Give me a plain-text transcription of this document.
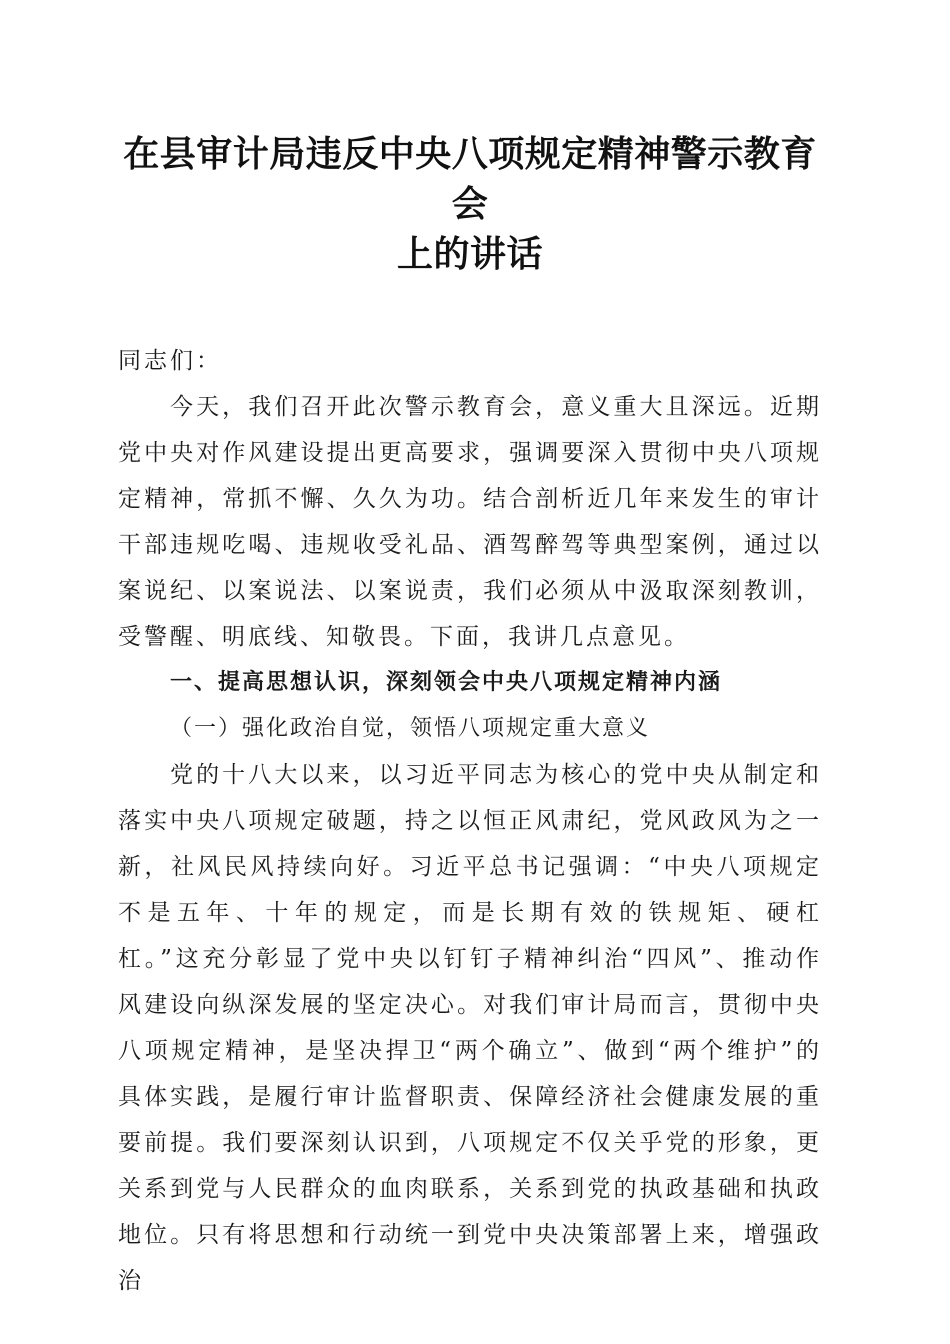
在县审计局违反中央八项规定精神警示教育会
上的讲话

同志们：

今天，我们召开此次警示教育会，意义重大且深远。近期党中央对作风建设提出更高要求，强调要深入贯彻中央八项规定精神，常抓不懈、久久为功。结合剖析近几年来发生的审计干部违规吃喝、违规收受礼品、酒驾醉驾等典型案例，通过以案说纪、以案说法、以案说责，我们必须从中汲取深刻教训，受警醒、明底线、知敬畏。下面，我讲几点意见。

一、提高思想认识，深刻领会中央八项规定精神内涵

（一）强化政治自觉，领悟八项规定重大意义

党的十八大以来，以习近平同志为核心的党中央从制定和落实中央八项规定破题，持之以恒正风肃纪，党风政风为之一新，社风民风持续向好。习近平总书记强调：“中央八项规定不是五年、十年的规定，而是长期有效的铁规矩、硬杠杠。”这充分彰显了党中央以钉钉子精神纠治“四风”、推动作风建设向纵深发展的坚定决心。对我们审计局而言，贯彻中央八项规定精神，是坚决捍卫“两个确立”、做到“两个维护”的具体实践，是履行审计监督职责、保障经济社会健康发展的重要前提。我们要深刻认识到，八项规定不仅关乎党的形象，更关系到党与人民群众的血肉联系，关系到党的执政基础和执政地位。只有将思想和行动统一到党中央决策部署上来，增强政治
